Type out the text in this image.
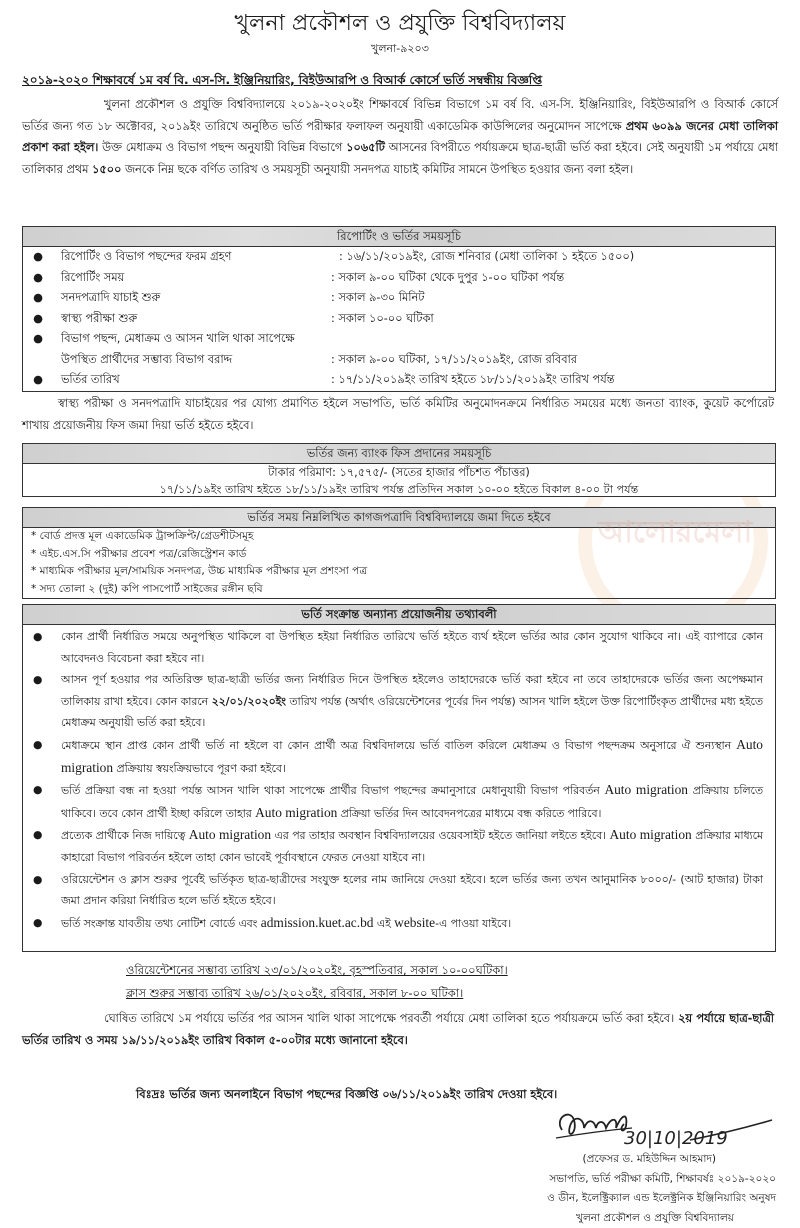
খুলনা প্রকৌশল ও প্রযুক্তি বিশ্ববিদ্যালয়
খুলনা-৯২০৩
২০১৯-২০২০ শিক্ষাবর্ষে ১ম বর্ষ বি. এস-সি. ইঞ্জিনিয়ারিং, বিইউআরপি ও বিআর্ক কোর্সে ভর্তি সম্বন্ধীয় বিজ্ঞপ্তি
খুলনা প্রকৌশল ও প্রযুক্তি বিশ্ববিদ্যালয়ে ২০১৯-২০২০ইং শিক্ষাবর্ষে বিভিন্ন বিভাগে ১ম বর্ষ বি. এস-সি. ইঞ্জিনিয়ারিং, বিইউআরপি ও বিআর্ক কোর্সে ভর্তির জন্য গত ১৮ অক্টোবর, ২০১৯ইং তারিখে অনুষ্ঠিত ভর্তি পরীক্ষার ফলাফল অনুযায়ী একাডেমিক কাউন্সিলের অনুমোদন সাপেক্ষে প্রথম ৬০৯৯ জনের মেধা তালিকা প্রকাশ করা হইল। উক্ত মেধাক্রম ও বিভাগ পছন্দ অনুযায়ী বিভিন্ন বিভাগে ১০৬৫টি আসনের বিপরীতে পর্যায়ক্রমে ছাত্র-ছাত্রী ভর্তি করা হইবে। সেই অনুযায়ী ১ম পর্যায়ে মেধা তালিকার প্রথম ১৫০০ জনকে নিম্ন ছকে বর্ণিত তারিখ ও সময়সূচী অনুযায়ী সনদপত্র যাচাই কমিটির সামনে উপস্থিত হওয়ার জন্য বলা হইল।
রিপোর্টিং ও ভর্তির সময়সূচি
● রিপোর্টিং ও বিভাগ পছন্দের ফরম গ্রহণ	: ১৬/১১/২০১৯ইং, রোজ শনিবার (মেধা তালিকা ১ হইতে ১৫০০)
● রিপোর্টিং সময়	: সকাল ৯-০০ ঘটিকা থেকে দুপুর ১-০০ ঘটিকা পর্যন্ত
● সনদপত্রাদি যাচাই শুরু	: সকাল ৯-৩০ মিনিট
● স্বাস্থ্য পরীক্ষা শুরু	: সকাল ১০-০০ ঘটিকা
● বিভাগ পছন্দ, মেধাক্রম ও আসন খালি থাকা সাপেক্ষে
উপস্থিত প্রার্থীদের সম্ভাব্য বিভাগ বরাদ্দ	: সকাল ৯-০০ ঘটিকা, ১৭/১১/২০১৯ইং, রোজ রবিবার
● ভর্তির তারিখ	: ১৭/১১/২০১৯ইং তারিখ হইতে ১৮/১১/২০১৯ইং তারিখ পর্যন্ত
স্বাস্থ্য পরীক্ষা ও সনদপত্রাদি যাচাইয়ের পর যোগ্য প্রমাণিত হইলে সভাপতি, ভর্তি কমিটির অনুমোদনক্রমে নির্ধারিত সময়ের মধ্যে জনতা ব্যাংক, কুয়েট কর্পোরেট শাখায় প্রয়োজনীয় ফিস জমা দিয়া ভর্তি হইতে হইবে।
ভর্তির জন্য ব্যাংক ফিস প্রদানের সময়সূচি
টাকার পরিমাণ: ১৭,৫৭৫/- (সতের হাজার পাঁচশত পঁচাত্তর)
১৭/১১/১৯ইং তারিখ হইতে ১৮/১১/১৯ইং তারিখ পর্যন্ত প্রতিদিন সকাল ১০-০০ হইতে বিকাল ৪-০০ টা পর্যন্ত
ভর্তির সময় নিম্নলিখিত কাগজপত্রাদি বিশ্ববিদ্যালয়ে জমা দিতে হইবে
* বোর্ড প্রদত্ত মূল একাডেমিক ট্রান্সক্রিপ্ট/গ্রেডশীটসমূহ
* এইচ.এস.সি পরীক্ষার প্রবেশ পত্র/রেজিস্ট্রেশন কার্ড
* মাধ্যমিক পরীক্ষার মূল/সাময়িক সনদপত্র, উচ্চ মাধ্যমিক পরীক্ষার মূল প্রশংসা পত্র
* সদ্য তোলা ২ (দুই) কপি পাসপোর্ট সাইজের রঙ্গীন ছবি
আলোরমেলা
ভর্তি সংক্রান্ত অন্যান্য প্রয়োজনীয় তথ্যাবলী
● কোন প্রার্থী নির্ধারিত সময়ে অনুপস্থিত থাকিলে বা উপস্থিত হইয়া নির্ধারিত তারিখে ভর্তি হইতে ব্যর্থ হইলে ভর্তির আর কোন সুযোগ থাকিবে না। এই ব্যাপারে কোন আবেদনও বিবেচনা করা হইবে না।
● আসন পূর্ণ হওয়ার পর অতিরিক্ত ছাত্র-ছাত্রী ভর্তির জন্য নির্ধারিত দিনে উপস্থিত হইলেও তাহাদেরকে ভর্তি করা হইবে না তবে তাহাদেরকে ভর্তির জন্য অপেক্ষমান তালিকায় রাখা হইবে। কোন কারনে ২২/০১/২০২০ইং তারিখ পর্যন্ত (অর্থাৎ ওরিয়েন্টেশনের পূর্বের দিন পর্যন্ত) আসন খালি হইলে উক্ত রিপোর্টিংকৃত প্রার্থীদের মধ্য হইতে মেধাক্রম অনুযায়ী ভর্তি করা হইবে।
● মেধাক্রমে স্থান প্রাপ্ত কোন প্রার্থী ভর্তি না হইলে বা কোন প্রার্থী অত্র বিশ্ববিদালয়ে ভর্তি বাতিল করিলে মেধাক্রম ও বিভাগ পছন্দক্রম অনুসারে ঐ শুন্যস্থান Auto migration প্রক্রিয়ায় স্বয়ংক্রিয়ভাবে পূরণ করা হইবে।
● ভর্তি প্রক্রিয়া বন্ধ না হওয়া পর্যন্ত আসন খালি থাকা সাপেক্ষে প্রার্থীর বিভাগ পছন্দের ক্রমানুসারে মেধানুযায়ী বিভাগ পরিবর্তন Auto migration প্রক্রিয়ায় চলিতে থাকিবে। তবে কোন প্রার্থী ইচ্ছা করিলে তাহার Auto migration প্রক্রিয়া ভর্তির দিন আবেদনপত্রের মাধ্যমে বন্ধ করিতে পারিবে।
● প্রত্যেক প্রার্থীকে নিজ দায়িত্বে Auto migration এর পর তাহার অবস্থান বিশ্ববিদ্যালয়ের ওয়েবসাইট হইতে জানিয়া লইতে হইবে। Auto migration প্রক্রিয়ার মাধ্যমে কাহারো বিভাগ পরিবর্তন হইলে তাহা কোন ভাবেই পূর্বাবস্থানে ফেরত নেওয়া যাইবে না।
● ওরিয়েন্টেশন ও ক্লাস শুরুর পূর্বেই ভর্তিকৃত ছাত্র-ছাত্রীদের সংযুক্ত হলের নাম জানিয়ে দেওয়া হইবে। হলে ভর্তির জন্য তখন আনুমানিক ৮০০০/- (আট হাজার) টাকা জমা প্রদান করিয়া নির্ধারিত হলে ভর্তি হইতে হইবে।
● ভর্তি সংক্রান্ত যাবতীয় তথ্য নোটিশ বোর্ডে এবং admission.kuet.ac.bd এই website-এ পাওয়া যাইবে।
ওরিয়েন্টেশনের সম্ভাব্য তারিখ ২৩/০১/২০২০ইং, বৃহস্পতিবার, সকাল ১০-০০ঘটিকা।
ক্লাস শুরুর সম্ভাব্য তারিখ ২৬/০১/২০২০ইং, রবিবার, সকাল ৮-০০ ঘটিকা।
ঘোষিত তারিখে ১ম পর্যায়ে ভর্তির পর আসন খালি থাকা সাপেক্ষে পরবর্তী পর্যায়ে মেধা তালিকা হতে পর্যায়ক্রমে ভর্তি করা হইবে। ২য় পর্যায়ে ছাত্র-ছাত্রী ভর্তির তারিখ ও সময় ১৯/১১/২০১৯ইং তারিখ বিকাল ৫-০০টার মধ্যে জানানো হইবে।
বিঃদ্রঃ ভর্তির জন্য অনলাইনে বিভাগ পছন্দের বিজ্ঞপ্তি ০৬/১১/২০১৯ইং তারিখ দেওয়া হইবে।
30|10|2019
(প্রফেসর ড. মহিউদ্দিন আহমাদ)
সভাপতি, ভর্তি পরীক্ষা কমিটি, শিক্ষাবর্ষঃ ২০১৯-২০২০
ও ডীন, ইলেক্ট্রিক্যাল এন্ড ইলেক্ট্রনিক ইঞ্জিনিয়ারিং অনুষদ
খুলনা প্রকৌশল ও প্রযুক্তি বিশ্ববিদ্যালয়
